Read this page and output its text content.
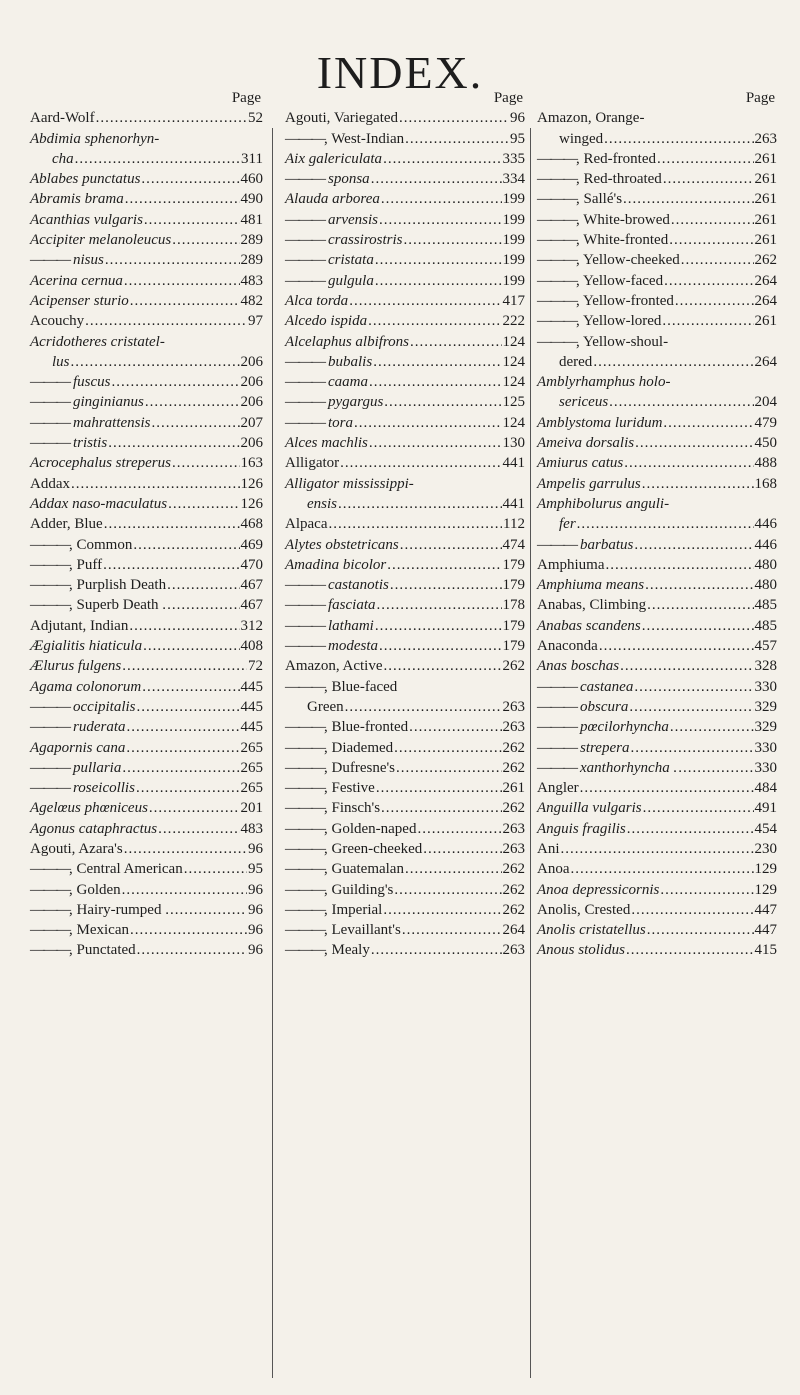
INDEX.
Page
Aard-Wolf .....	52
Abdimia sphenorhyn-
cha .....	311
Ablabes punctatus .....	460
Abramis brama .....	490
Acanthias vulgaris .....	481
Accipiter melanoleucus .....	289
——— nisus .....	289
Acerina cernua .....	483
Acipenser sturio .....	482
Acouchy .....	97
Acridotheres cristatel-
lus .....	206
——— fuscus .....	206
——— ginginianus .....	206
——— mahrattensis .....	207
——— tristis .....	206
Acrocephalus streperus .....	163
Addax .....	126
Addax naso-maculatus .....	126
Adder, Blue .....	468
——— , Common .....	469
——— , Puff .....	470
——— , Purplish Death .....	467
——— , Superb Death . .....	467
Adjutant, Indian .....	312
Ægialitis hiaticula .....	408
Ælurus fulgens .....	72
Agama colonorum .....	445
——— occipitalis .....	445
——— ruderata .....	445
Agapornis cana .....	265
——— pullaria .....	265
——— roseicollis .....	265
Agelœus phœniceus .....	201
Agonus cataphractus .....	483
Agouti, Azara's .....	96
——— , Central American .....	95
——— , Golden .....	96
——— , Hairy-rumped . .....	96
——— , Mexican .....	96
——— , Punctated .....	96
Page
Agouti, Variegated .....	96
——— , West-Indian .....	95
Aix galericulata .....	335
——— sponsa .....	334
Alauda arborea .....	199
——— arvensis .....	199
——— crassirostris .....	199
——— cristata .....	199
——— gulgula .....	199
Alca torda .....	417
Alcedo ispida .....	222
Alcelaphus albifrons .....	124
——— bubalis .....	124
——— caama .....	124
——— pygargus .....	125
——— tora .....	124
Alces machlis .....	130
Alligator .....	441
Alligator mississippi-
ensis .....	441
Alpaca .....	112
Alytes obstetricans .....	474
Amadina bicolor .....	179
——— castanotis .....	179
——— fasciata .....	178
——— lathami .....	179
——— modesta .....	179
Amazon, Active .....	262
——— , Blue-faced
Green .....	263
——— , Blue-fronted .....	263
——— , Diademed .....	262
——— , Dufresne's .....	262
——— , Festive .....	261
——— , Finsch's .....	262
——— , Golden-naped .....	263
——— , Green-cheeked .....	263
——— , Guatemalan .....	262
——— , Guilding's .....	262
——— , Imperial .....	262
——— , Levaillant's .....	264
——— , Mealy .....	263
Page
Amazon, Orange-
winged .....	263
——— , Red-fronted .....	261
——— , Red-throated .....	261
——— , Sallé's .....	261
——— , White-browed .....	261
——— , White-fronted .....	261
——— , Yellow-cheeked .....	262
——— , Yellow-faced .....	264
——— , Yellow-fronted .....	264
——— , Yellow-lored .....	261
——— , Yellow-shoul-
dered .....	264
Amblyrhamphus holo-
sericeus .....	204
Amblystoma luridum .....	479
Ameiva dorsalis .....	450
Amiurus catus .....	488
Ampelis garrulus .....	168
Amphibolurus anguli-
fer .....	446
——— barbatus .....	446
Amphiuma .....	480
Amphiuma means .....	480
Anabas, Climbing .....	485
Anabas scandens .....	485
Anaconda .....	457
Anas boschas .....	328
——— castanea .....	330
——— obscura .....	329
——— pœcilorhyncha .....	329
——— strepera .....	330
——— xanthorhyncha . .....	330
Angler .....	484
Anguilla vulgaris .....	491
Anguis fragilis .....	454
Ani .....	230
Anoa .....	129
Anoa depressicornis .....	129
Anolis, Crested .....	447
Anolis cristatellus .....	447
Anous stolidus .....	415
